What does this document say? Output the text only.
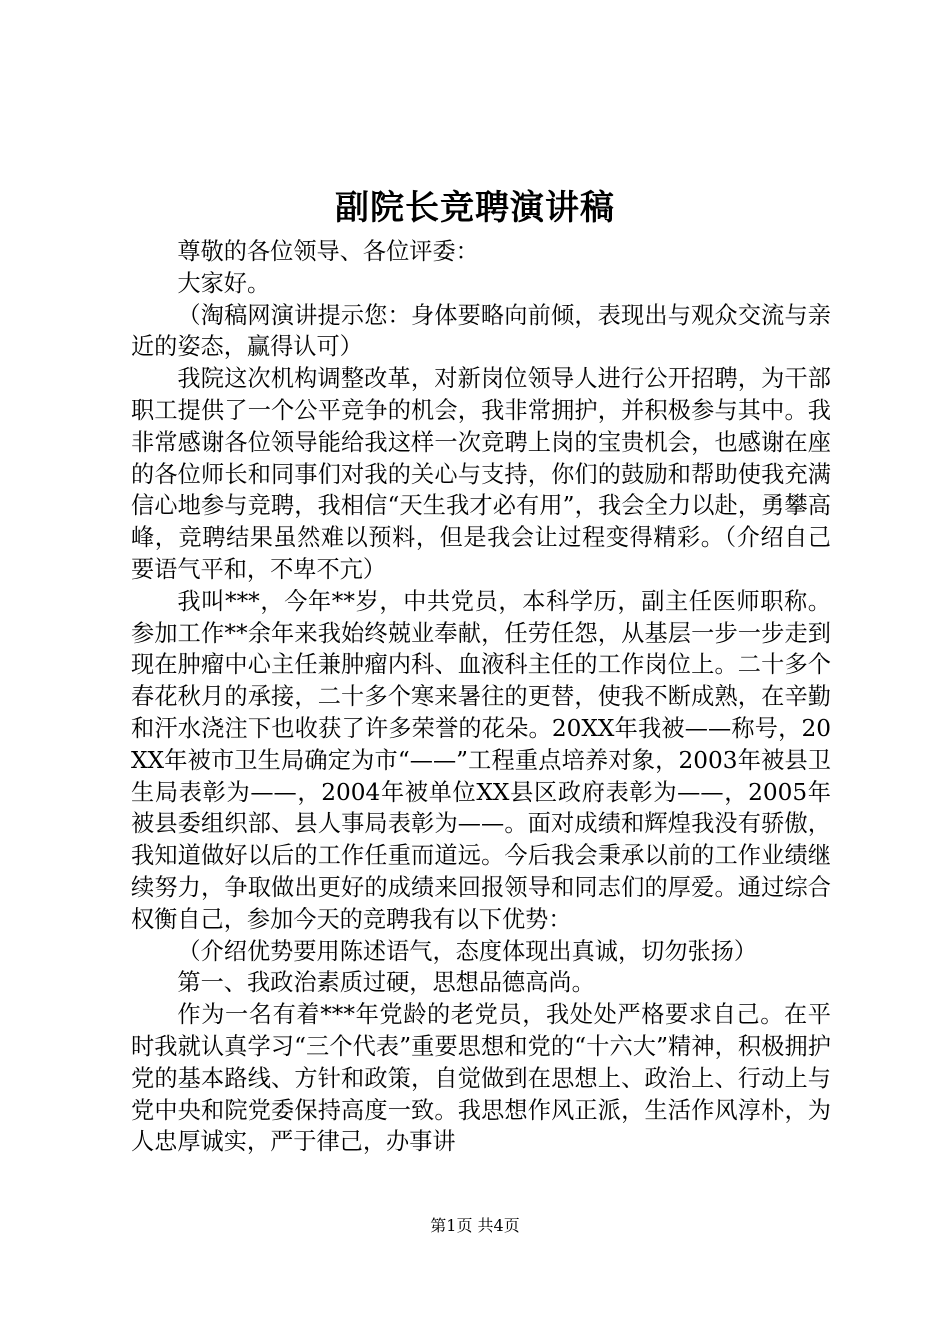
副院长竞聘演讲稿

尊敬的各位领导、各位评委：

大家好。

（淘稿网演讲提示您：身体要略向前倾，表现出与观众交流与亲近的姿态，赢得认可）

我院这次机构调整改革，对新岗位领导人进行公开招聘，为干部职工提供了一个公平竞争的机会，我非常拥护，并积极参与其中。我非常感谢各位领导能给我这样一次竞聘上岗的宝贵机会，也感谢在座的各位师长和同事们对我的关心与支持，你们的鼓励和帮助使我充满信心地参与竞聘，我相信“天生我才必有用”，我会全力以赴，勇攀高峰，竞聘结果虽然难以预料，但是我会让过程变得精彩。（介绍自己要语气平和，不卑不亢）

我叫***，今年**岁，中共党员，本科学历，副主任医师职称。参加工作**余年来我始终兢业奉献，任劳任怨，从基层一步一步走到现在肿瘤中心主任兼肿瘤内科、血液科主任的工作岗位上。二十多个春花秋月的承接，二十多个寒来暑往的更替，使我不断成熟，在辛勤和汗水浇注下也收获了许多荣誉的花朵。20XX年我被——称号，20XX年被市卫生局确定为市“——”工程重点培养对象，2003年被县卫生局表彰为——，2004年被单位XX县区政府表彰为——，2005年被县委组织部、县人事局表彰为——。面对成绩和辉煌我没有骄傲，我知道做好以后的工作任重而道远。今后我会秉承以前的工作业绩继续努力，争取做出更好的成绩来回报领导和同志们的厚爱。通过综合权衡自己，参加今天的竞聘我有以下优势：

（介绍优势要用陈述语气，态度体现出真诚，切勿张扬）

第一、我政治素质过硬，思想品德高尚。

作为一名有着***年党龄的老党员，我处处严格要求自己。在平时我就认真学习“三个代表”重要思想和党的“十六大”精神，积极拥护党的基本路线、方针和政策，自觉做到在思想上、政治上、行动上与党中央和院党委保持高度一致。我思想作风正派，生活作风淳朴，为人忠厚诚实，严于律己，办事讲

第1页 共4页
